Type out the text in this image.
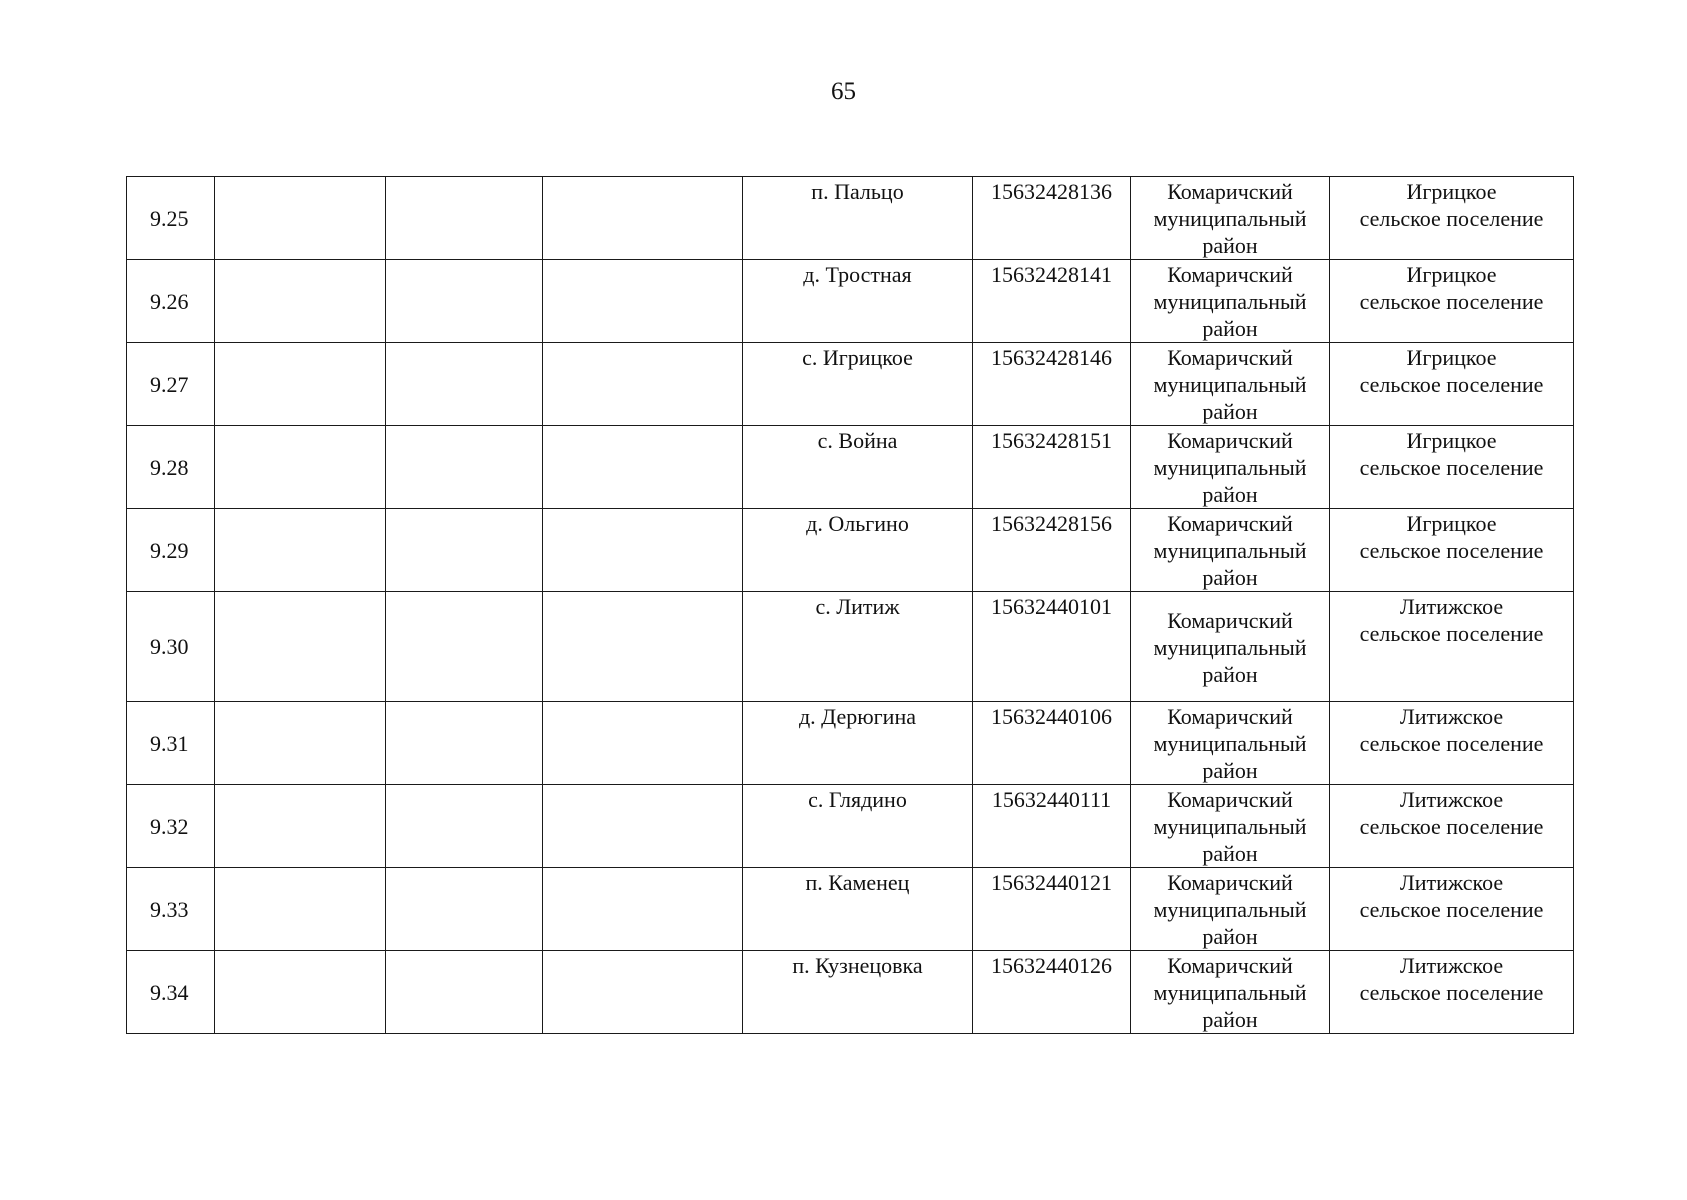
65
9.25				п. Пальцо	15632428136	Комаричский
муниципальный
район	Игрицкое
сельское поселение

9.26				д. Тростная	15632428141	Комаричский
муниципальный
район	Игрицкое
сельское поселение

9.27				с. Игрицкое	15632428146	Комаричский
муниципальный
район	Игрицкое
сельское поселение

9.28				с. Война	15632428151	Комаричский
муниципальный
район	Игрицкое
сельское поселение

9.29				д. Ольгино	15632428156	Комаричский
муниципальный
район	Игрицкое
сельское поселение

9.30				с. Литиж	15632440101	Комаричский
муниципальный
район	Литижское
сельское поселение

9.31				д. Дерюгина	15632440106	Комаричский
муниципальный
район	Литижское
сельское поселение

9.32				с. Глядино	15632440111	Комаричский
муниципальный
район	Литижское
сельское поселение

9.33				п. Каменец	15632440121	Комаричский
муниципальный
район	Литижское
сельское поселение

9.34				п. Кузнецовка	15632440126	Комаричский
муниципальный
район	Литижское
сельское поселение
